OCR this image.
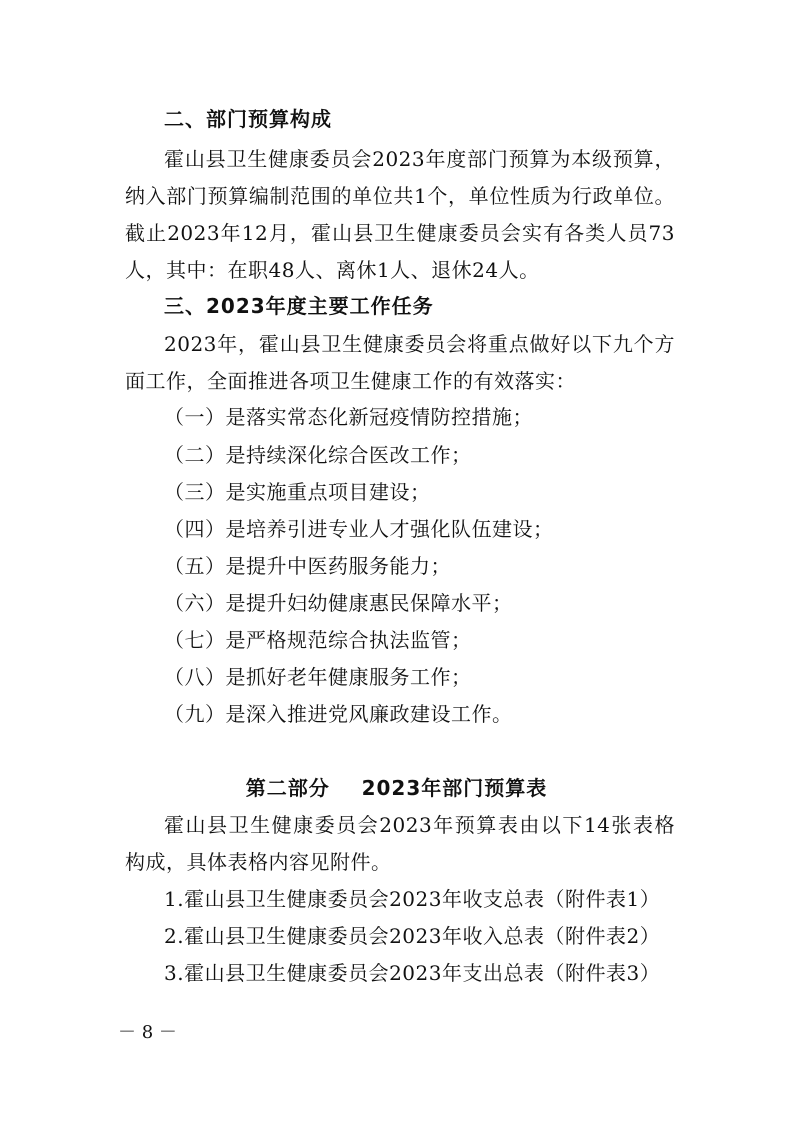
二、部门预算构成
霍山县卫生健康委员会2023年度部门预算为本级预算，
纳入部门预算编制范围的单位共1个，单位性质为行政单位。
截止2023年12月，霍山县卫生健康委员会实有各类人员73
人，其中：在职48人、离休1人、退休24人。
三、2023年度主要工作任务
2023年，霍山县卫生健康委员会将重点做好以下九个方
面工作，全面推进各项卫生健康工作的有效落实：
（一）是落实常态化新冠疫情防控措施；
（二）是持续深化综合医改工作；
（三）是实施重点项目建设；
（四）是培养引进专业人才强化队伍建设；
（五）是提升中医药服务能力；
（六）是提升妇幼健康惠民保障水平；
（七）是严格规范综合执法监管；
（八）是抓好老年健康服务工作；
（九）是深入推进党风廉政建设工作。
第二部分    2023年部门预算表
霍山县卫生健康委员会2023年预算表由以下14张表格
构成，具体表格内容见附件。
1.霍山县卫生健康委员会2023年收支总表（附件表1）
2.霍山县卫生健康委员会2023年收入总表（附件表2）
3.霍山县卫生健康委员会2023年支出总表（附件表3）
－ 8 －
